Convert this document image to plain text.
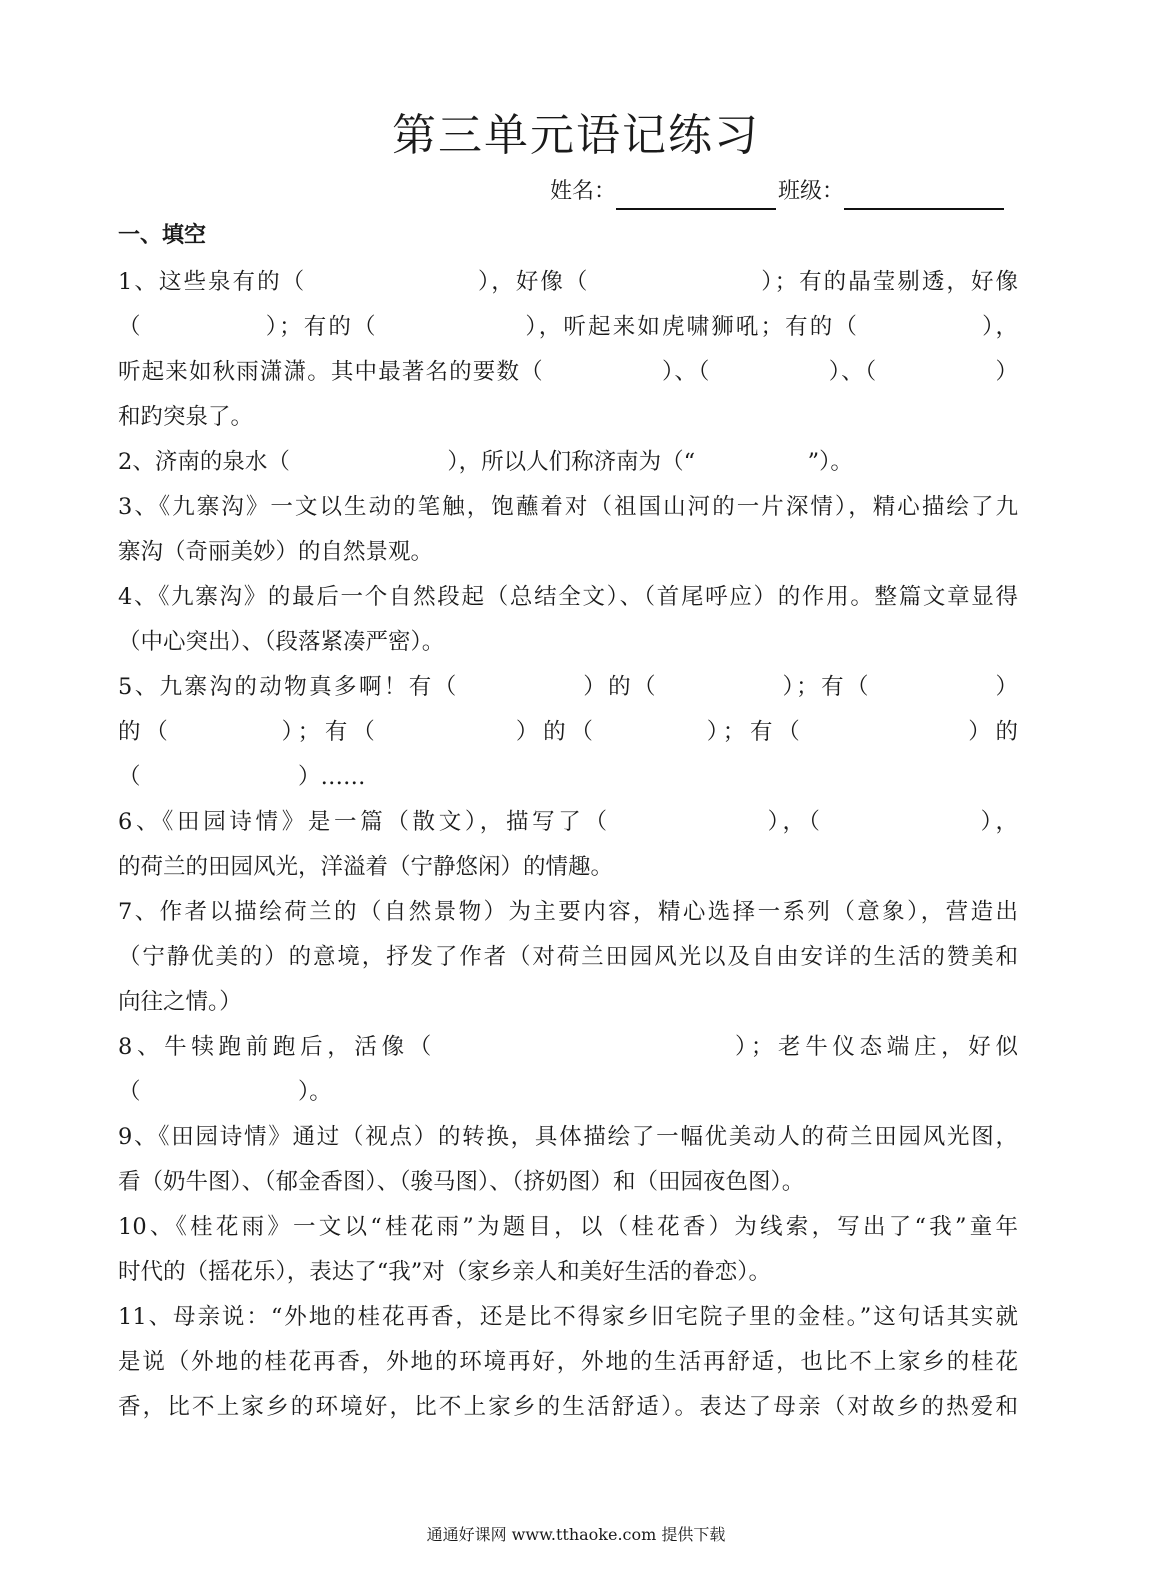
第三单元语记练习
姓名：	班级：
一、填空
1、这些泉有的（　　　　　　　），好像（　　　　　　　）；有的晶莹剔透，好像
（　　　　　）；有的（　　　　　　），听起来如虎啸狮吼；有的（　　　　　），
听起来如秋雨潇潇。其中最著名的要数（　　　　　）、（　　　　　）、（　　　　　）
和趵突泉了。
2、济南的泉水（　　　　　　　），所以人们称济南为（“　　　　　”）。
3、《九寨沟》一文以生动的笔触，饱蘸着对（祖国山河的一片深情），精心描绘了九
寨沟（奇丽美妙）的自然景观。
4、《九寨沟》的最后一个自然段起（总结全文）、（首尾呼应）的作用。整篇文章显得
（中心突出）、（段落紧凑严密）。
5、九寨沟的动物真多啊！有（　　　　　）的（　　　　　）；有（　　　　　）
的（　　　　）；有（　　　　　）的（　　　　）；有（　　　　　　）的
（　　　　　　　）……
6、《田园诗情》是一篇（散文），描写了（　　　　　　），（　　　　　　），　　　　　　
的荷兰的田园风光，洋溢着（宁静悠闲）的情趣。
7、作者以描绘荷兰的（自然景物）为主要内容，精心选择一系列（意象），营造出
（宁静优美的）的意境，抒发了作者（对荷兰田园风光以及自由安详的生活的赞美和
向往之情。）
8、牛犊跑前跑后，活像（　　　　　　　　　　　）；老牛仪态端庄，好似
（　　　　　　　）。
9、《田园诗情》通过（视点）的转换，具体描绘了一幅优美动人的荷兰田园风光图，
看（奶牛图）、（郁金香图）、（骏马图）、（挤奶图）和（田园夜色图）。
10、《桂花雨》一文以“桂花雨”为题目，以（桂花香）为线索，写出了“我”童年
时代的（摇花乐），表达了“我”对（家乡亲人和美好生活的眷恋）。
11、母亲说：“外地的桂花再香，还是比不得家乡旧宅院子里的金桂。”这句话其实就
是说（外地的桂花再香，外地的环境再好，外地的生活再舒适，也比不上家乡的桂花
香，比不上家乡的环境好，比不上家乡的生活舒适）。表达了母亲（对故乡的热爱和
通通好课网 www.tthaoke.com 提供下载
